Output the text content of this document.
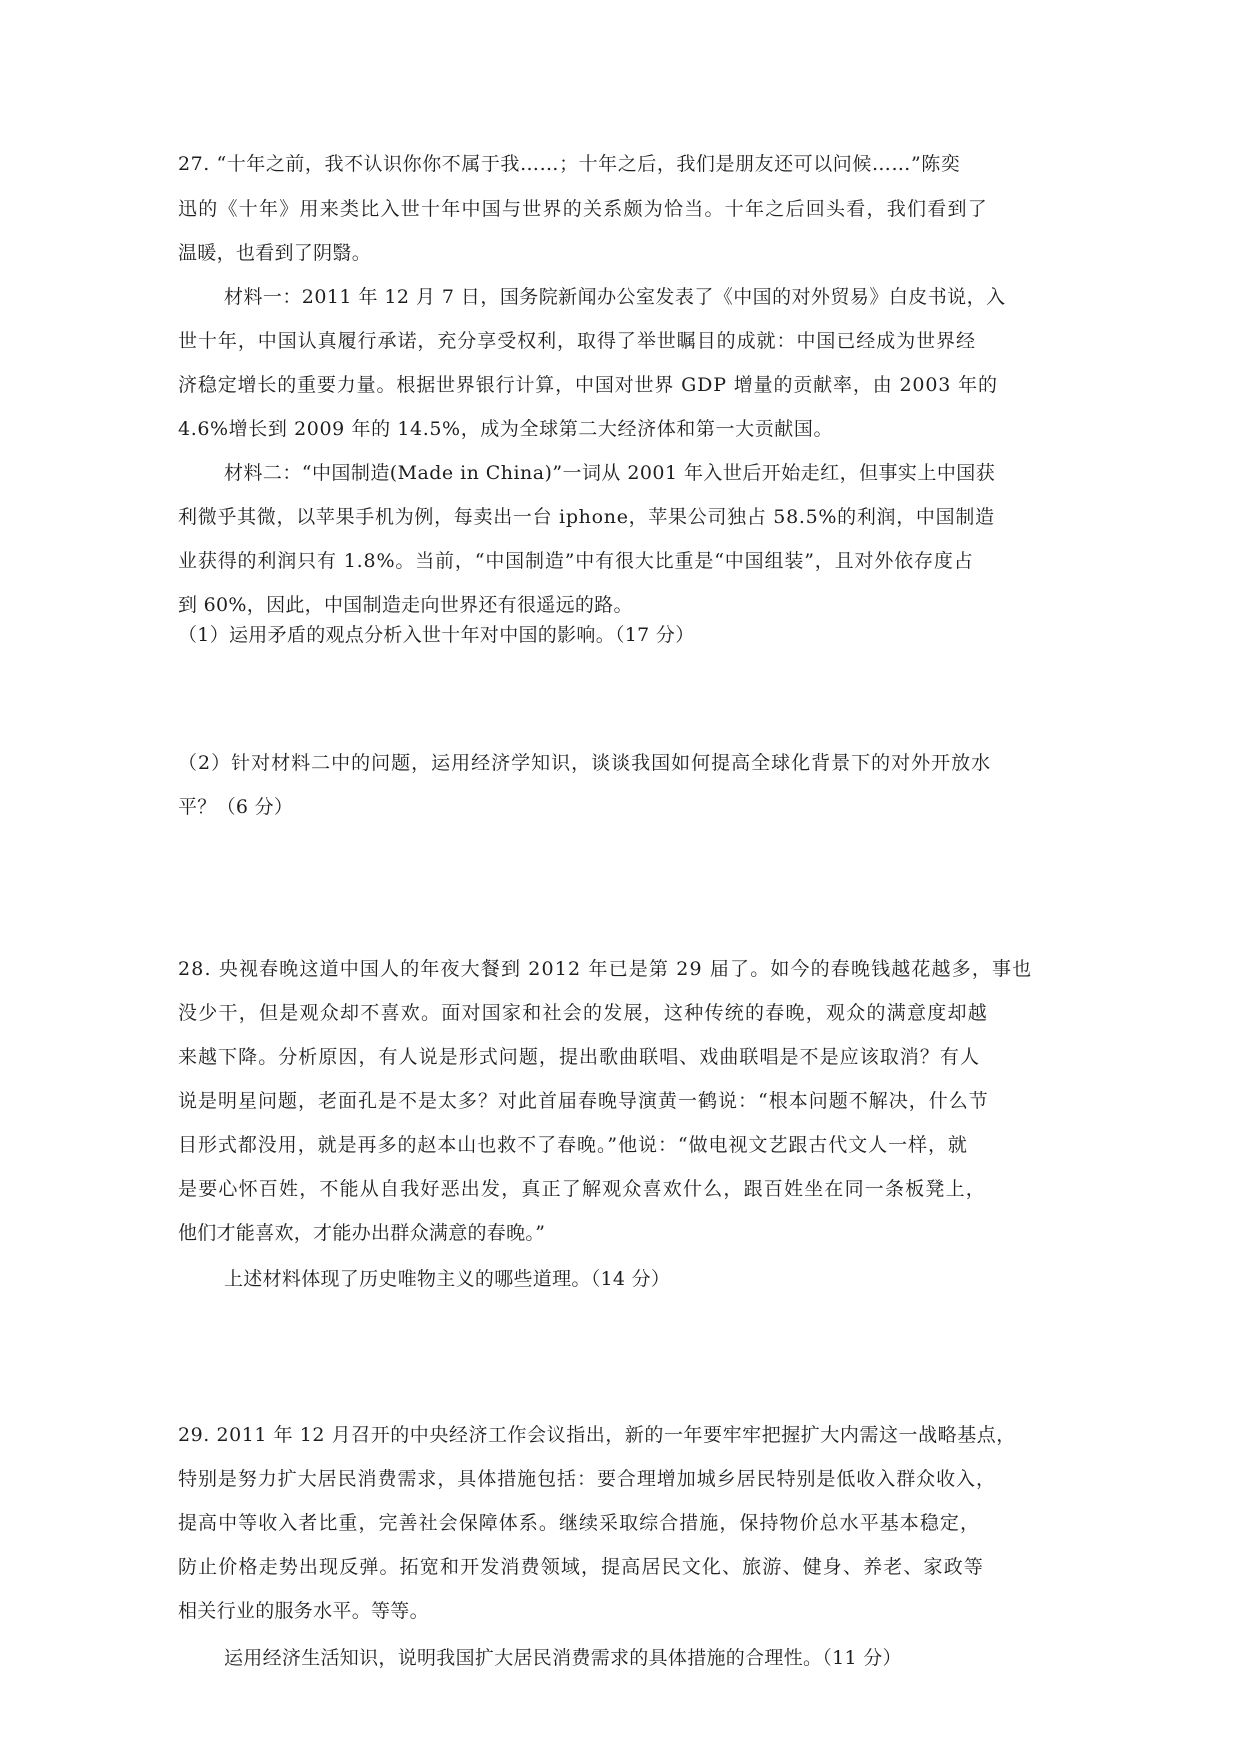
27. “十年之前，我不认识你你不属于我……；十年之后，我们是朋友还可以问候……”陈奕
迅的《十年》用来类比入世十年中国与世界的关系颇为恰当。十年之后回头看，我们看到了
温暖，也看到了阴翳。
材料一：2011 年 12 月 7 日，国务院新闻办公室发表了《中国的对外贸易》白皮书说，入
世十年，中国认真履行承诺，充分享受权利，取得了举世瞩目的成就：中国已经成为世界经
济稳定增长的重要力量。根据世界银行计算，中国对世界 GDP 增量的贡献率，由 2003 年的
4.6%增长到 2009 年的 14.5%，成为全球第二大经济体和第一大贡献国。
材料二：“中国制造(Made in China)”一词从 2001 年入世后开始走红，但事实上中国获
利微乎其微，以苹果手机为例，每卖出一台 iphone，苹果公司独占 58.5%的利润，中国制造
业获得的利润只有 1.8%。当前，“中国制造”中有很大比重是“中国组装”，且对外依存度占
到 60%，因此，中国制造走向世界还有很遥远的路。
（1）运用矛盾的观点分析入世十年对中国的影响。（17 分）
（2）针对材料二中的问题，运用经济学知识，谈谈我国如何提高全球化背景下的对外开放水
平？（6 分）
28. 央视春晚这道中国人的年夜大餐到 2012 年已是第 29 届了。如今的春晚钱越花越多，事也
没少干，但是观众却不喜欢。面对国家和社会的发展，这种传统的春晚，观众的满意度却越
来越下降。分析原因，有人说是形式问题，提出歌曲联唱、戏曲联唱是不是应该取消？有人
说是明星问题，老面孔是不是太多？对此首届春晚导演黄一鹤说：“根本问题不解决，什么节
目形式都没用，就是再多的赵本山也救不了春晚。”他说：“做电视文艺跟古代文人一样，就
是要心怀百姓，不能从自我好恶出发，真正了解观众喜欢什么，跟百姓坐在同一条板凳上，
他们才能喜欢，才能办出群众满意的春晚。”
上述材料体现了历史唯物主义的哪些道理。（14 分）
29. 2011 年 12 月召开的中央经济工作会议指出，新的一年要牢牢把握扩大内需这一战略基点，
特别是努力扩大居民消费需求，具体措施包括：要合理增加城乡居民特别是低收入群众收入，
提高中等收入者比重，完善社会保障体系。继续采取综合措施，保持物价总水平基本稳定，
防止价格走势出现反弹。拓宽和开发消费领域，提高居民文化、旅游、健身、养老、家政等
相关行业的服务水平。等等。
运用经济生活知识，说明我国扩大居民消费需求的具体措施的合理性。（11 分）
